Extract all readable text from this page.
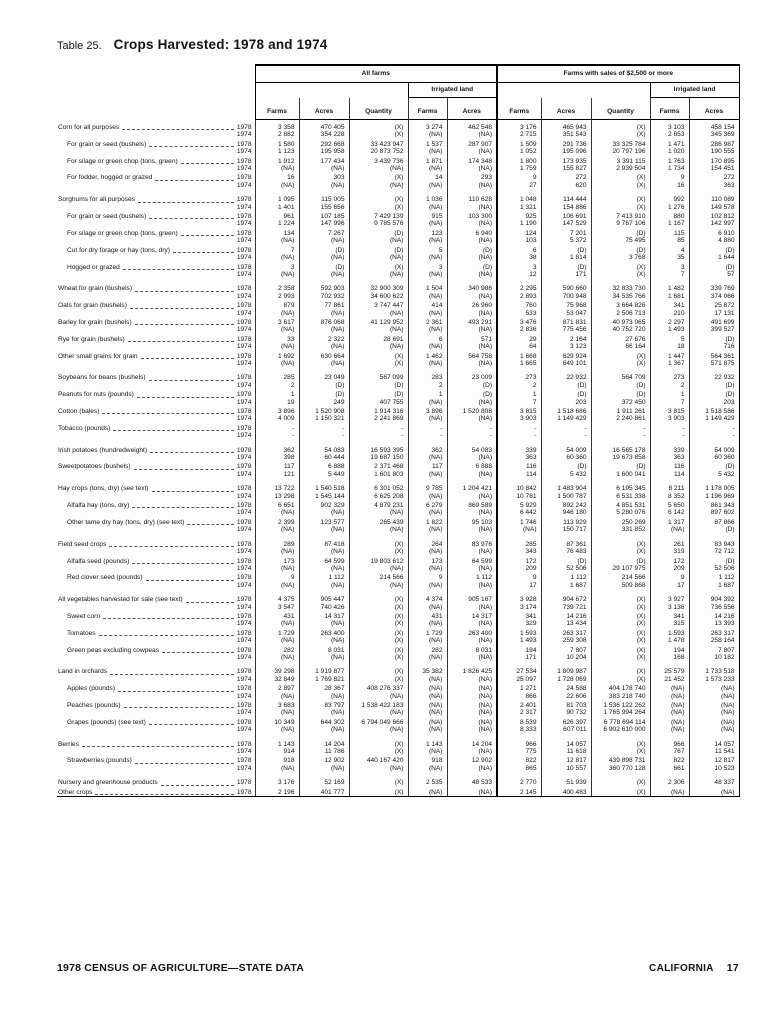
Table 25. Crops Harvested: 1978 and 1974
	All farms					Farms with sales of $2,500 or more				
				Irrigated land					Irrigated land	
	Farms	Acres	Quantity	Farms	Acres	Farms	Acres	Quantity	Farms	Acres

Corn for all purposes 1978	3 358	470 405	(X)	3 274	462 548	3 176	465 943	(X)	3 103	458 154

1974	2 882	354 228	(X)	(NA)	(NA)	2 715	351 543	(X)	2 653	345 369

For grain or seed (bushels) 1978	1 580	292 668	33 423 947	1 537	287 907	1 509	291 736	33 325 784	1 471	286 987

1974	1 123	195 958	20 873 752	(NA)	(NA)	1 052	195 096	20 797 196	1 020	190 555

For silage or green chop (tons, green) 1978	1 912	177 434	3 439 736	1 871	174 348	1 800	173 935	3 391 115	1 763	170 895

1974	(NA)	(NA)	(NA)	(NA)	(NA)	1 759	155 827	2 939 504	1 734	154 451

For fodder, hogged or grazed 1978	16	303	(X)	14	293	9	272	(X)	9	272

1974	(NA)	(NA)	(NA)	(NA)	(NA)	27	620	(X)	16	363

Sorghums for all purposes 1978	1 095	115 005	(X)	1 036	110 628	1 048	114 444	(X)	992	110 089

1974	1 401	155 656	(X)	(NA)	(NA)	1 321	154 886	(X)	1 276	149 578

For grain or seed (bushels) 1978	961	107 185	7 429 139	915	103 300	925	106 691	7 413 910	880	102 812

1974	1 224	147 996	9 785 576	(NA)	(NA)	1 190	147 529	9 767 106	1 167	142 997

For silage or green chop (tons, green) 1978	134	7 267	(D)	123	6 940	124	7 201	(D)	115	6 910

1974	(NA)	(NA)	(NA)	(NA)	(NA)	103	5 372	75 495	85	4 880

Cut for dry forage or hay (tons, dry) 1978	7	(D)	(D)	5	(D)	6	(D)	(D)	4	(D)

1974	(NA)	(NA)	(NA)	(NA)	(NA)	38	1 814	3 768	35	1 644

Hogged or grazed 1978	3	(D)	(X)	3	(D)	3	(D)	(X)	3	(D)

1974	(NA)	(NA)	(NA)	(NA)	(NA)	12	171	(X)	7	57

Wheat for grain (bushels) 1978	2 358	592 903	32 900 309	1 504	340 986	2 295	590 660	32 833 730	1 482	339 769

1974	2 993	702 932	34 600 622	(NA)	(NA)	2 893	700 948	34 535 766	1 681	374 066

Oats for grain (bushels) 1978	879	77 861	3 747 447	414	26 960	760	75 968	3 664 826	341	25 872

1974	(NA)	(NA)	(NA)	(NA)	(NA)	533	53 047	2 506 713	210	17 131

Barley for grain (bushels) 1978	3 617	876 068	41 129 952	2 361	493 291	3 476	871 831	40 973 065	2 297	491 699

1974	(NA)	(NA)	(NA)	(NA)	(NA)	2 836	775 456	40 752 720	1 493	399 527

Rye for grain (bushels) 1978	33	2 322	28 691	6	571	29	2 164	27 676	5	(D)

1974	(NA)	(NA)	(NA)	(NA)	(NA)	64	3 123	66 164	18	716

Other small grains for grain 1978	1 692	630 664	(X)	1 462	564 758	1 668	629 924	(X)	1 447	564 361

1974	(NA)	(NA)	(X)	(NA)	(NA)	1 665	649 101	(X)	1 367	571 875

Soybeans for beans (bushels) 1978	285	23 049	567 099	283	23 009	273	22 932	564 709	273	22 932

1974	2	(D)	(D)	2	(D)	2	(D)	(D)	2	(D)

Peanuts for nuts (pounds) 1978	1	(D)	(D)	1	(D)	1	(D)	(D)	1	(D)

1974	19	249	407 755	(NA)	(NA)	7	203	372 450	7	203

Cotton (bales) 1978	3 896	1 520 908	1 914 316	3 896	1 520 808	3 815	1 518 686	1 911 261	3 815	1 518 586

1974	4 009	1 150 321	2 241 869	(NA)	(NA)	3 903	1 149 429	2 240 861	3 903	1 149 429

Tobacco (pounds) 1978	-	-	-	-	-	-	-	-	-	-

1974	-	-	-	-	-	-	-	-	-	-

Irish potatoes (hundredweight) 1978	362	54 083	16 593 395	362	54 083	339	54 009	16 565 178	339	54 009

1974	398	60 444	19 687 150	(NA)	(NA)	363	60 360	19 673 858	363	60 360

Sweetpotatoes (bushels) 1978	117	6 888	2 371 468	117	6 888	116	(D)	(D)	116	(D)

1974	121	5 449	1 601 803	(NA)	(NA)	114	5 432	1 600 041	114	5 432

Hay crops (tons, dry) (see text) 1978	13 722	1 540 518	6 301 052	9 785	1 204 421	10 842	1 483 904	6 195 345	8 211	1 178 005

1974	13 298	1 545 144	6 625 208	(NA)	(NA)	10 781	1 500 787	6 531 338	8 352	1 196 969

Alfalfa hay (tons, dry) 1978	6 651	902 329	4 879 231	6 279	869 589	5 929	892 242	4 851 531	5 650	861 343

1974	(NA)	(NA)	(NA)	(NA)	(NA)	6 442	946 180	5 280 076	6 142	897 602

Other tame dry hay (tons, dry) (see text) 1978	2 399	123 577	265 439	1 822	95 103	1 746	113 929	250 269	1 317	87 866

1974	(NA)	(NA)	(NA)	(NA)	(NA)	(NA)	150 717	331 852	(NA)	(D)

Field seed crops 1978	289	87 418	(X)	264	83 976	285	87 361	(X)	261	83 943

1974	(NA)	(NA)	(X)	(NA)	(NA)	343	76 483	(X)	319	72 712

Alfalfa seed (pounds) 1978	173	64 599	19 803 612	173	64 599	172	(D)	(D)	172	(D)

1974	(NA)	(NA)	(NA)	(NA)	(NA)	209	52 506	29 107 975	209	52 506

Red clover seed (pounds) 1978	9	1 112	214 566	9	1 112	9	1 112	214 566	9	1 112

1974	(NA)	(NA)	(NA)	(NA)	(NA)	17	1 687	509 868	17	1 687

All vegetables harvested for sale (see text) 1978	4 375	905 447	(X)	4 374	905 167	3 928	904 672	(X)	3 927	904 392

1974	3 547	740 426	(X)	(NA)	(NA)	3 174	739 721	(X)	3 136	736 556

Sweet corn 1978	431	14 317	(X)	431	14 317	341	14 216	(X)	341	14 216

1974	(NA)	(NA)	(X)	(NA)	(NA)	329	13 434	(X)	315	13 393

Tomatoes 1978	1 729	263 400	(X)	1 729	263 400	1 593	263 317	(X)	1 593	263 317

1974	(NA)	(NA)	(X)	(NA)	(NA)	1 493	259 308	(X)	1 478	258 164

Green peas excluding cowpeas 1978	282	8 031	(X)	282	8 031	194	7 807	(X)	194	7 807

1974	(NA)	(NA)	(X)	(NA)	(NA)	171	10 204	(X)	168	10 182

Land in orchards 1978	39 298	1 919 877	(X)	35 382	1 826 425	27 534	1 809 987	(X)	25 579	1 733 518

1974	32 849	1 769 821	(X)	(NA)	(NA)	25 097	1 728 069	(X)	21 452	1 573 233

Apples (pounds) 1978	2 897	28 367	408 276 337	(NA)	(NA)	1 271	24 588	404 178 740	(NA)	(NA)

1974	(NA)	(NA)	(NA)	(NA)	(NA)	866	22 606	383 218 740	(NA)	(NA)

Peaches (pounds) 1978	3 683	83 797	1 538 422 183	(NA)	(NA)	2 401	81 703	1 536 122 262	(NA)	(NA)

1974	(NA)	(NA)	(NA)	(NA)	(NA)	2 317	90 732	1 765 994 264	(NA)	(NA)

Grapes (pounds) (see text) 1978	10 349	644 302	6 794 049 666	(NA)	(NA)	8 539	626 397	6 778 694 114	(NA)	(NA)

1974	(NA)	(NA)	(NA)	(NA)	(NA)	8 333	607 011	6 902 610 000	(NA)	(NA)

Berries 1978	1 143	14 204	(X)	1 143	14 204	966	14 057	(X)	966	14 057

1974	914	11 786	(X)	(NA)	(NA)	775	11 618	(X)	767	11 541

Strawberries (pounds) 1978	918	12 902	440 167 420	918	12 902	822	12 817	439 898 731	822	12 817

1974	(NA)	(NA)	(NA)	(NA)	(NA)	665	10 557	360 770 128	661	10 523

Nursery and greenhouse products 1978	3 176	52 169	(X)	2 535	48 533	2 770	51 939	(X)	2 306	48 337

Other crops 1978	2 196	401 777	(X)	(NA)	(NA)	2 145	400 483	(X)	(NA)	(NA)
1978 CENSUS OF AGRICULTURE—STATE DATA	CALIFORNIA 17
